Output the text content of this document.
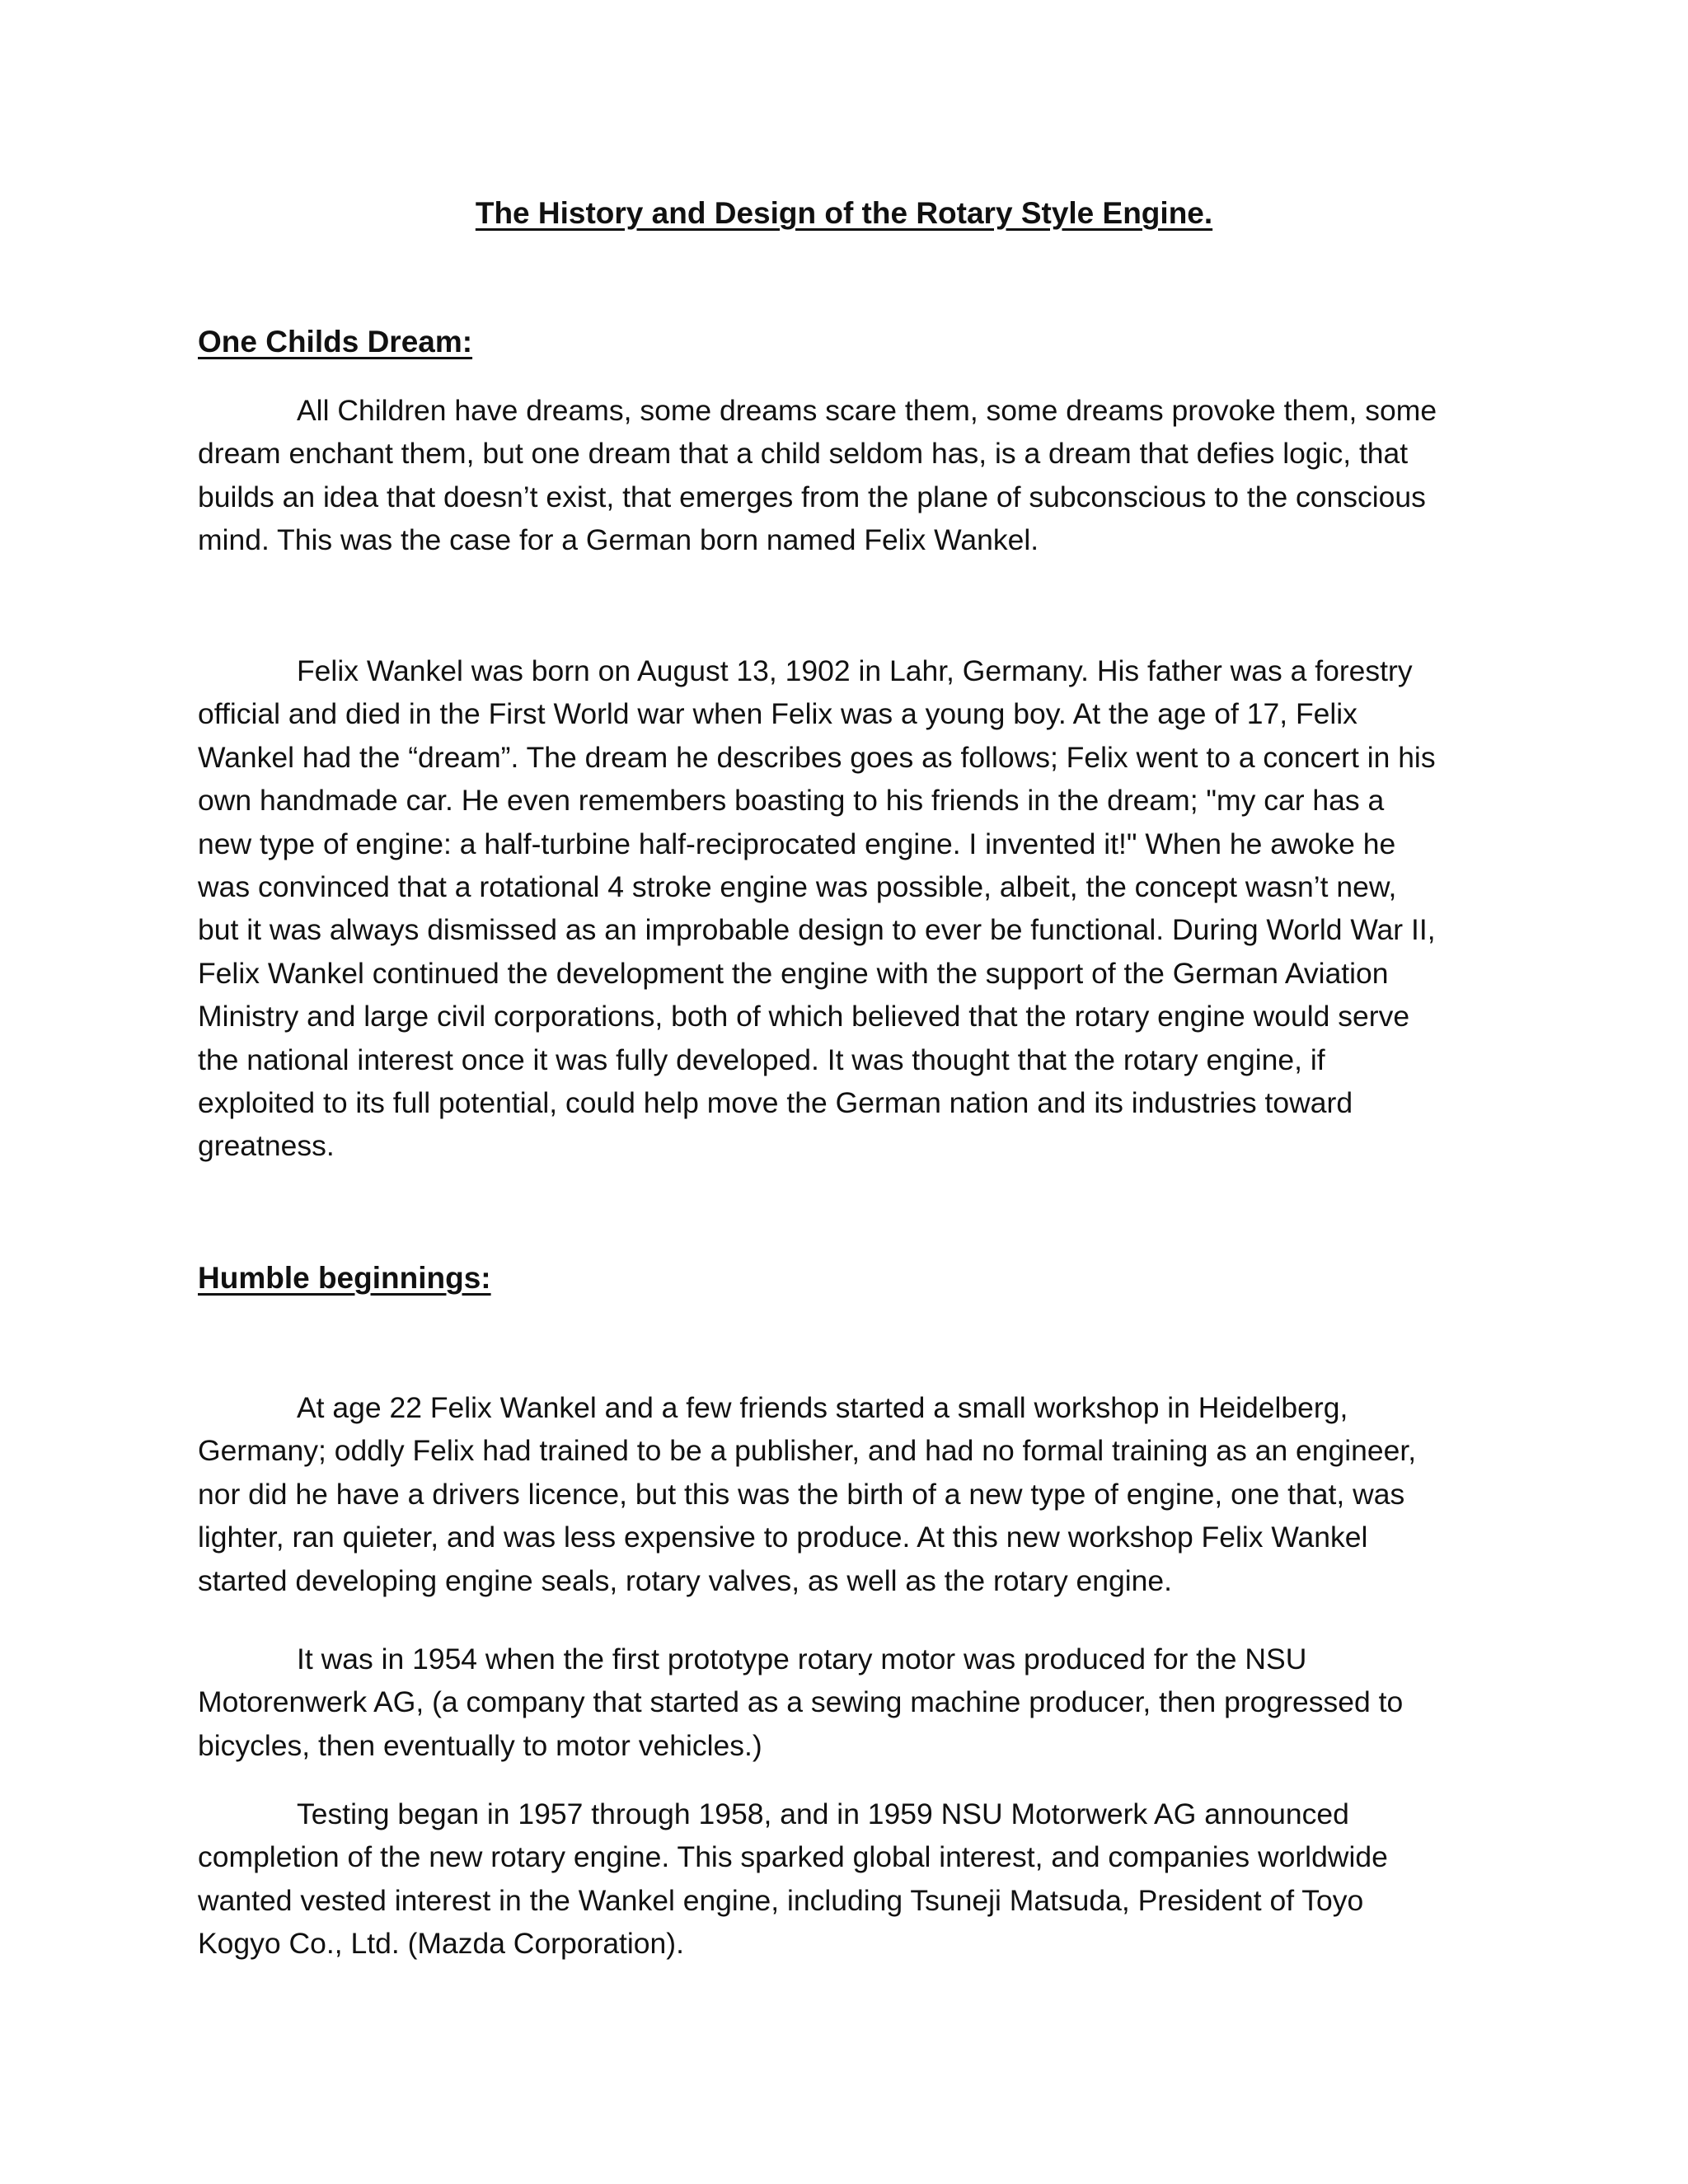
The History and Design of the Rotary Style Engine.
One Childs Dream:
All Children have dreams, some dreams scare them, some dreams provoke them, some
dream enchant them, but one dream that a child seldom has, is a dream that defies logic, that
builds an idea that doesn’t exist, that emerges from the plane of subconscious to the conscious
mind. This was the case for a German born named Felix Wankel.
Felix Wankel was born on August 13, 1902 in Lahr, Germany. His father was a forestry
official and died in the First World war when Felix was a young boy. At the age of 17, Felix
Wankel had the “dream”. The dream he describes goes as follows; Felix went to a concert in his
own handmade car. He even remembers boasting to his friends in the dream; "my car has a
new type of engine: a half-turbine half-reciprocated engine. I invented it!" When he awoke he
was convinced that a rotational 4 stroke engine was possible, albeit, the concept wasn’t new,
but it was always dismissed as an improbable design to ever be functional. During World War II,
Felix Wankel continued the development the engine with the support of the German Aviation
Ministry and large civil corporations, both of which believed that the rotary engine would serve
the national interest once it was fully developed. It was thought that the rotary engine, if
exploited to its full potential, could help move the German nation and its industries toward
greatness.
Humble beginnings:
At age 22 Felix Wankel and a few friends started a small workshop in Heidelberg,
Germany; oddly Felix had trained to be a publisher, and had no formal training as an engineer,
nor did he have a drivers licence, but this was the birth of a new type of engine, one that, was
lighter, ran quieter, and was less expensive to produce. At this new workshop Felix Wankel
started developing engine seals, rotary valves, as well as the rotary engine.
It was in 1954 when the first prototype rotary motor was produced for the NSU
Motorenwerk AG, (a company that started as a sewing machine producer, then progressed to
bicycles, then eventually to motor vehicles.)
Testing began in 1957 through 1958, and in 1959 NSU Motorwerk AG announced
completion of the new rotary engine. This sparked global interest, and companies worldwide
wanted vested interest in the Wankel engine, including Tsuneji Matsuda, President of Toyo
Kogyo Co., Ltd. (Mazda Corporation).
